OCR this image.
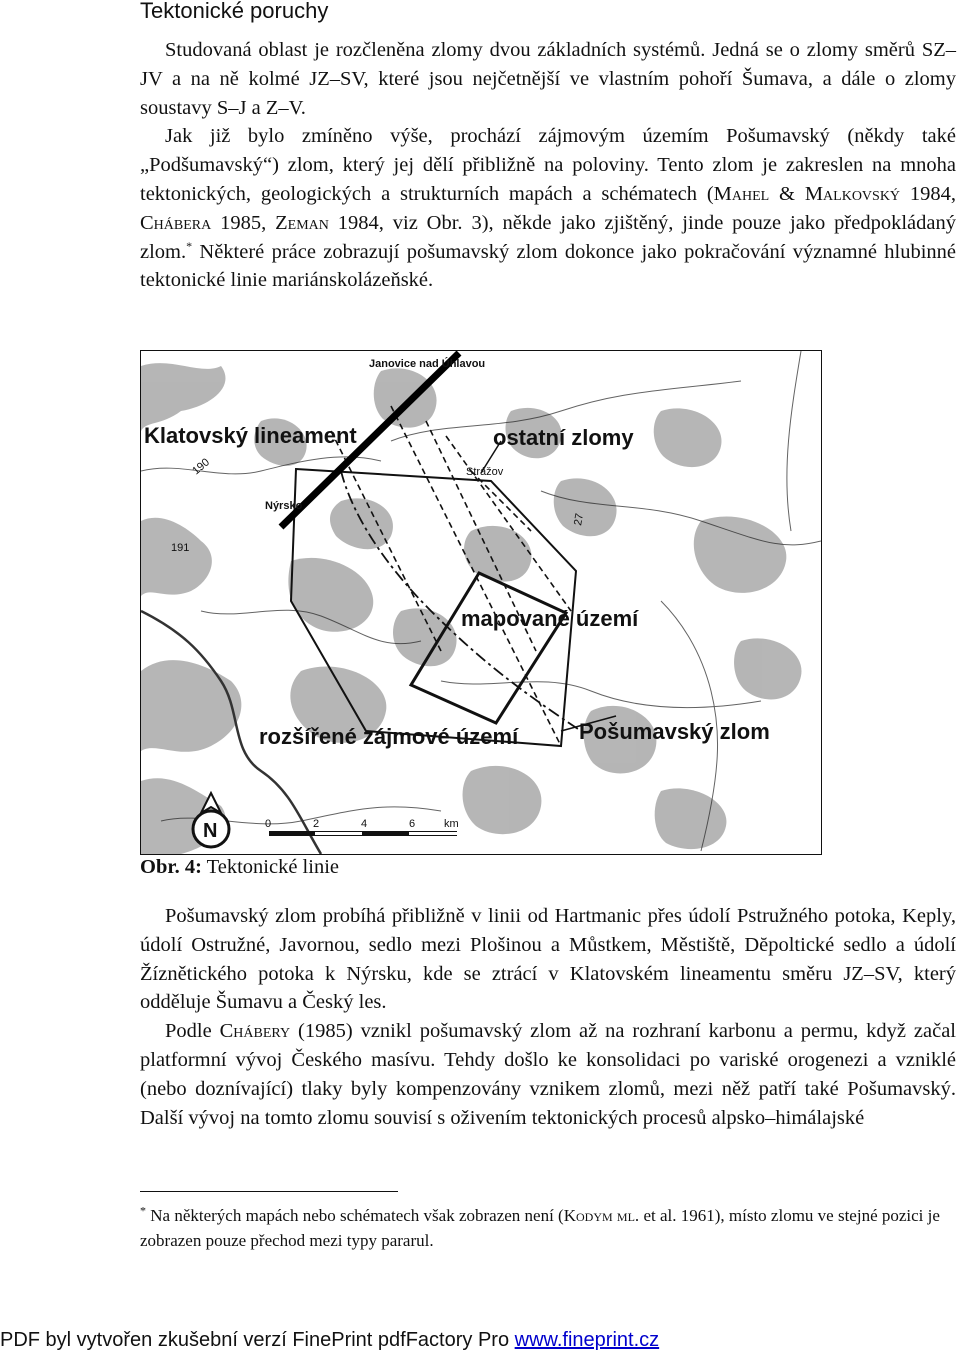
Tektonické poruchy

Studovaná oblast je rozčleněna zlomy dvou základních systémů. Jedná se o zlomy směrů SZ–JV a na ně kolmé JZ–SV, které jsou nejčetnější ve vlastním pohoří Šumava, a dále o zlomy soustavy S–J a Z–V.

Jak již bylo zmíněno výše, prochází zájmovým územím Pošumavský (někdy také „Podšumavský“) zlom, který jej dělí přibližně na poloviny. Tento zlom je zakreslen na mnoha tektonických, geologických a strukturních mapách a schématech (Mahel & Malkovský 1984, Chábera 1985, Zeman 1984, viz Obr. 3), někde jako zjištěný, jinde pouze jako předpokládaný zlom.* Některé práce zobrazují pošumavský zlom dokonce jako pokračování významné hlubinné tektonické linie mariánskolázeňské.

Klatovský lineament	ostatní zlomy
mapované území
rozšířené zájmové území	Pošumavský zlom
Janovice nad Úhlavou
Nýrsko
Strážov
190
191
27
N	0	2	4	6	km
Obr. 4: Tektonické linie

Pošumavský zlom probíhá přibližně v linii od Hartmanic přes údolí Pstružného potoka, Keply, údolí Ostružné, Javornou, sedlo mezi Plošinou a Můstkem, Městiště, Dĕpoltické sedlo a údolí Žíznětického potoka k Nýrsku, kde se ztrácí v Klatovském lineamentu směru JZ–SV, který odděluje Šumavu a Český les.

Podle Chábery (1985) vznikl pošumavský zlom až na rozhraní karbonu a permu, když začal platformní vývoj Českého masívu. Tehdy došlo ke konsolidaci po variské orogenezi a vzniklé (nebo doznívající) tlaky byly kompenzovány vznikem zlomů, mezi něž patří také Pošumavský. Další vývoj na tomto zlomu souvisí s oživením tektonických procesů alpsko–himálajské

* Na některých mapách nebo schématech však zobrazen není (Kodym ml. et al. 1961), místo zlomu ve stejné pozici je zobrazen pouze přechod mezi typy pararul.
PDF byl vytvořen zkušební verzí FinePrint pdfFactory Pro www.fineprint.cz
